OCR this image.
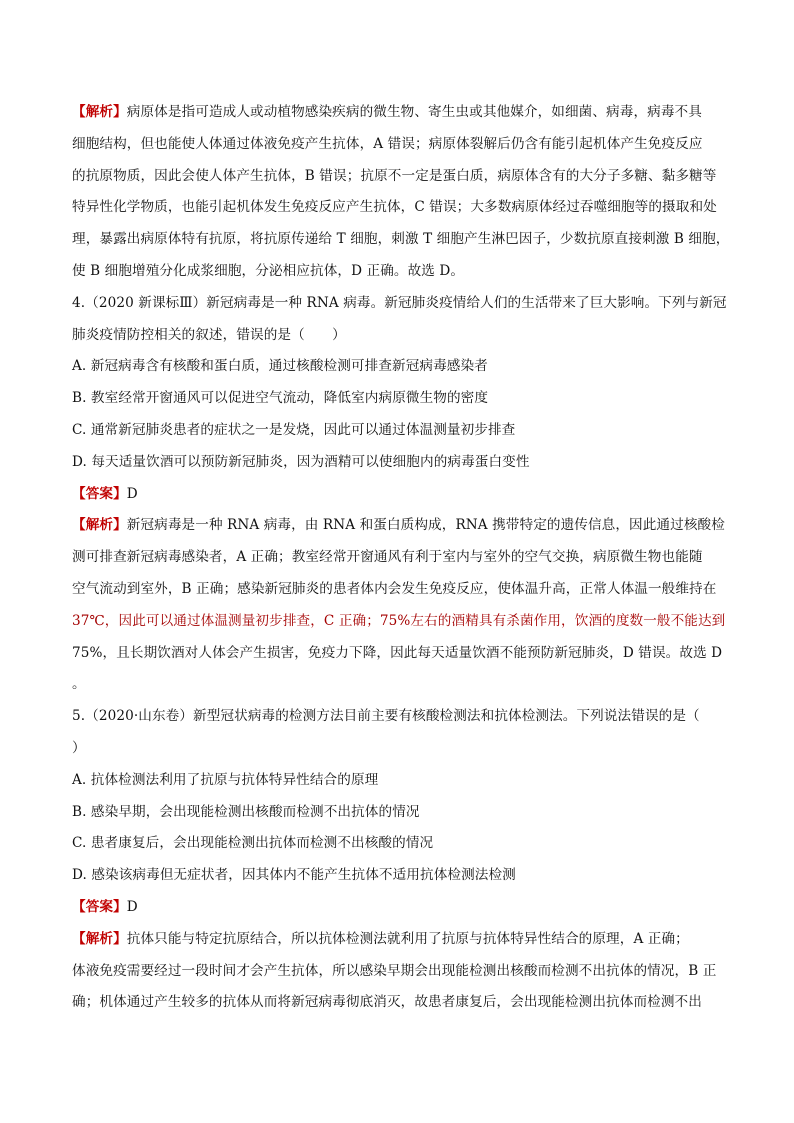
【解析】病原体是指可造成人或动植物感染疾病的微生物、寄生虫或其他媒介，如细菌、病毒，病毒不具
细胞结构，但也能使人体通过体液免疫产生抗体，A 错误；病原体裂解后仍含有能引起机体产生免疫反应
的抗原物质，因此会使人体产生抗体，B 错误；抗原不一定是蛋白质，病原体含有的大分子多糖、黏多糖等
特异性化学物质，也能引起机体发生免疫反应产生抗体，C 错误；大多数病原体经过吞噬细胞等的摄取和处
理，暴露出病原体特有抗原，将抗原传递给 T 细胞，刺激 T 细胞产生淋巴因子，少数抗原直接刺激 B 细胞，
使 B 细胞增殖分化成浆细胞，分泌相应抗体，D 正确。故选 D。
4.（2020 新课标Ⅲ）新冠病毒是一种 RNA 病毒。新冠肺炎疫情给人们的生活带来了巨大影响。下列与新冠
肺炎疫情防控相关的叙述，错误的是（　　）
A. 新冠病毒含有核酸和蛋白质，通过核酸检测可排查新冠病毒感染者
B. 教室经常开窗通风可以促进空气流动，降低室内病原微生物的密度
C. 通常新冠肺炎患者的症状之一是发烧，因此可以通过体温测量初步排查
D. 每天适量饮酒可以预防新冠肺炎，因为酒精可以使细胞内的病毒蛋白变性
【答案】D
【解析】新冠病毒是一种 RNA 病毒，由 RNA 和蛋白质构成，RNA 携带特定的遗传信息，因此通过核酸检
测可排查新冠病毒感染者，A 正确；教室经常开窗通风有利于室内与室外的空气交换，病原微生物也能随
空气流动到室外，B 正确；感染新冠肺炎的患者体内会发生免疫反应，使体温升高，正常人体温一般维持在
37℃，因此可以通过体温测量初步排查，C 正确；75%左右的酒精具有杀菌作用，饮酒的度数一般不能达到
75%，且长期饮酒对人体会产生损害，免疫力下降，因此每天适量饮酒不能预防新冠肺炎，D 错误。故选 D
。
5.（2020·山东卷）新型冠状病毒的检测方法目前主要有核酸检测法和抗体检测法。下列说法错误的是（
）
A. 抗体检测法利用了抗原与抗体特异性结合的原理
B. 感染早期，会出现能检测出核酸而检测不出抗体的情况
C. 患者康复后，会出现能检测出抗体而检测不出核酸的情况
D. 感染该病毒但无症状者，因其体内不能产生抗体不适用抗体检测法检测
【答案】D
【解析】抗体只能与特定抗原结合，所以抗体检测法就利用了抗原与抗体特异性结合的原理，A 正确；
体液免疫需要经过一段时间才会产生抗体，所以感染早期会出现能检测出核酸而检测不出抗体的情况，B 正
确；机体通过产生较多的抗体从而将新冠病毒彻底消灭，故患者康复后，会出现能检测出抗体而检测不出
